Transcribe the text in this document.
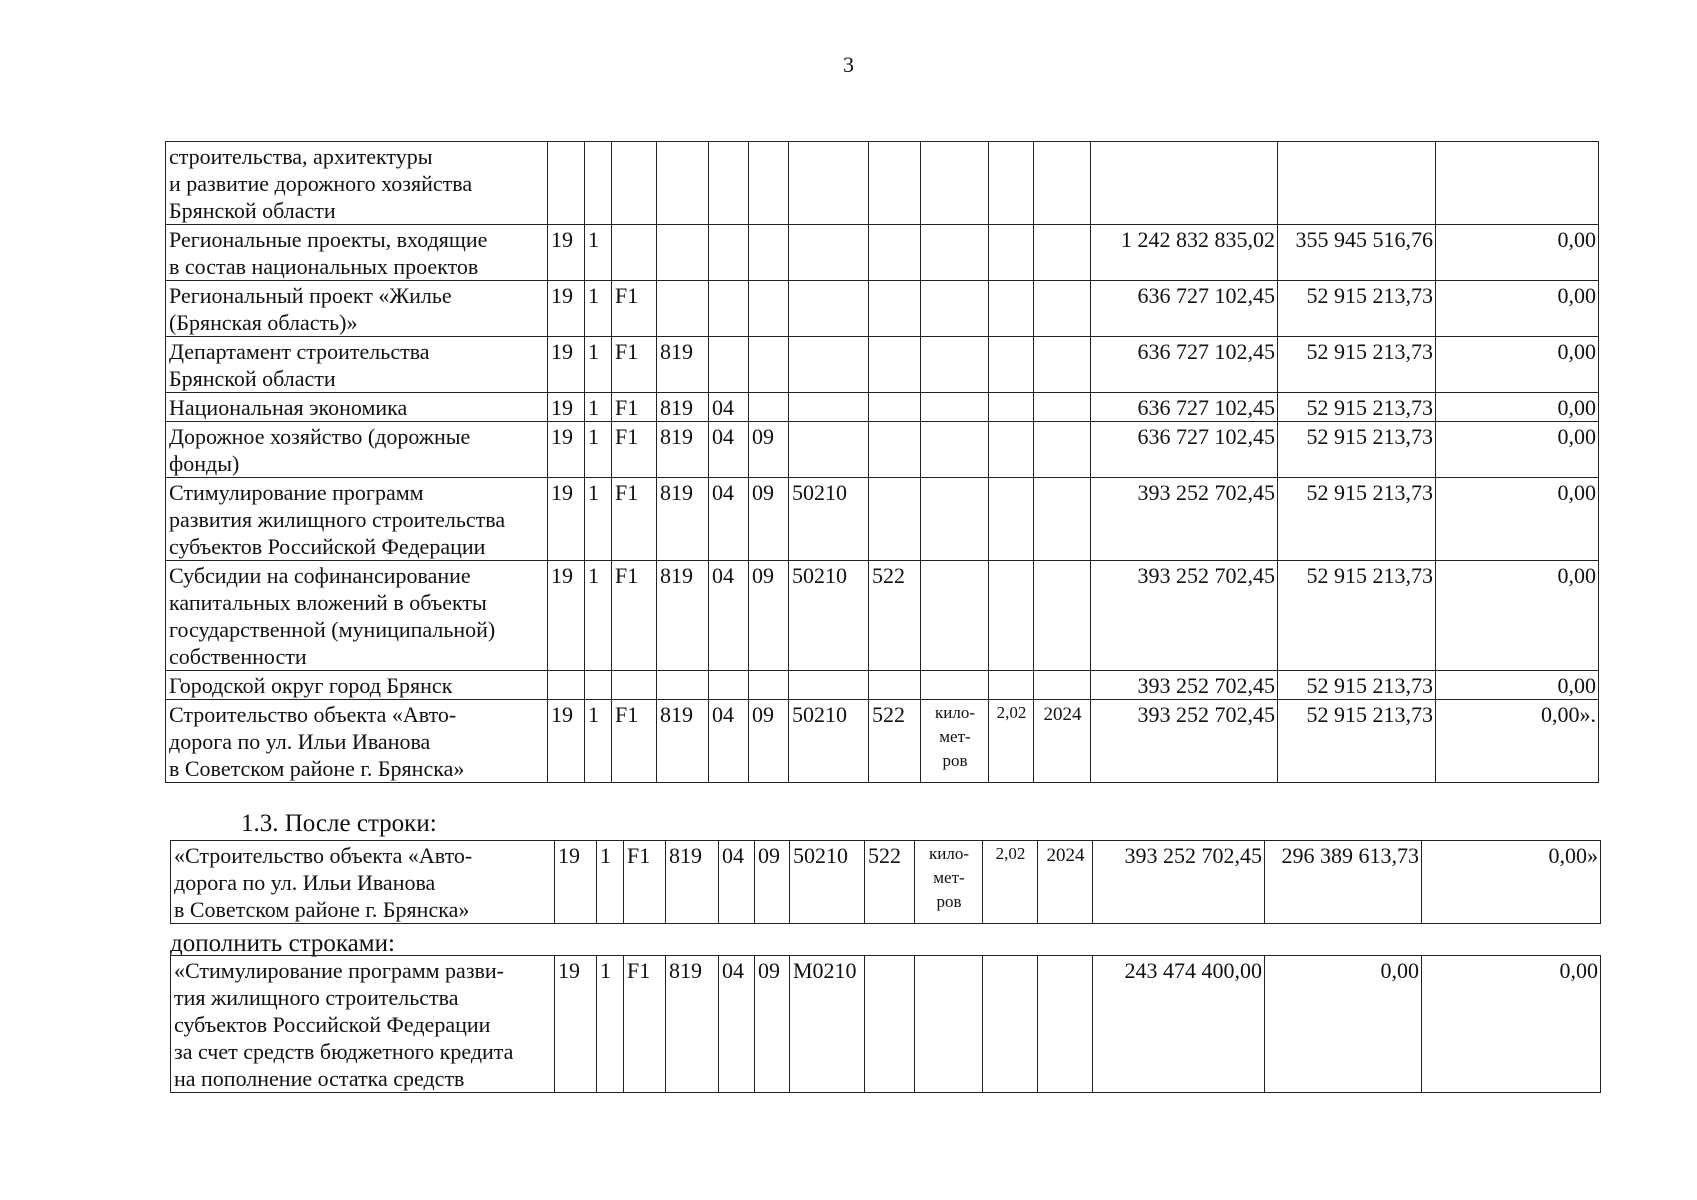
3
строительства, архитектуры
и развитие дорожного хозяйства
Брянской области														

Региональные проекты, входящие
в состав национальных проектов	19	1										1 242 832 835,02	355 945 516,76	0,00

Региональный проект «Жилье
(Брянская область)»	19	1	F1									636 727 102,45	52 915 213,73	0,00

Департамент строительства
Брянской области	19	1	F1	819								636 727 102,45	52 915 213,73	0,00

Национальная экономика	19	1	F1	819	04							636 727 102,45	52 915 213,73	0,00

Дорожное хозяйство (дорожные
фонды)	19	1	F1	819	04	09						636 727 102,45	52 915 213,73	0,00

Стимулирование программ
развития жилищного строительства
субъектов Российской Федерации	19	1	F1	819	04	09	50210					393 252 702,45	52 915 213,73	0,00

Субсидии на софинансирование
капитальных вложений в объекты
государственной (муниципальной)
собственности	19	1	F1	819	04	09	50210	522				393 252 702,45	52 915 213,73	0,00

Городской округ город Брянск												393 252 702,45	52 915 213,73	0,00

Строительство объекта «Авто-
дорога по ул. Ильи Иванова
в Советском районе г. Брянска»	19	1	F1	819	04	09	50210	522	кило-
мет-
ров	2,02	2024	393 252 702,45	52 915 213,73	0,00».
1.3. После строки:
«Строительство объекта «Авто-
дорога по ул. Ильи Иванова
в Советском районе г. Брянска»
	19	1	F1	819	04	09	50210	522	кило-
мет-
ров
	2,02	2024	393 252 702,45	296 389 613,73	0,00»
дополнить строками:
«Стимулирование программ разви-
тия жилищного строительства
субъектов Российской Федерации
за счет средств бюджетного кредита
на пополнение остатка средств
	19	1	F1	819	04	09	M0210					243 474 400,00	0,00	0,00
